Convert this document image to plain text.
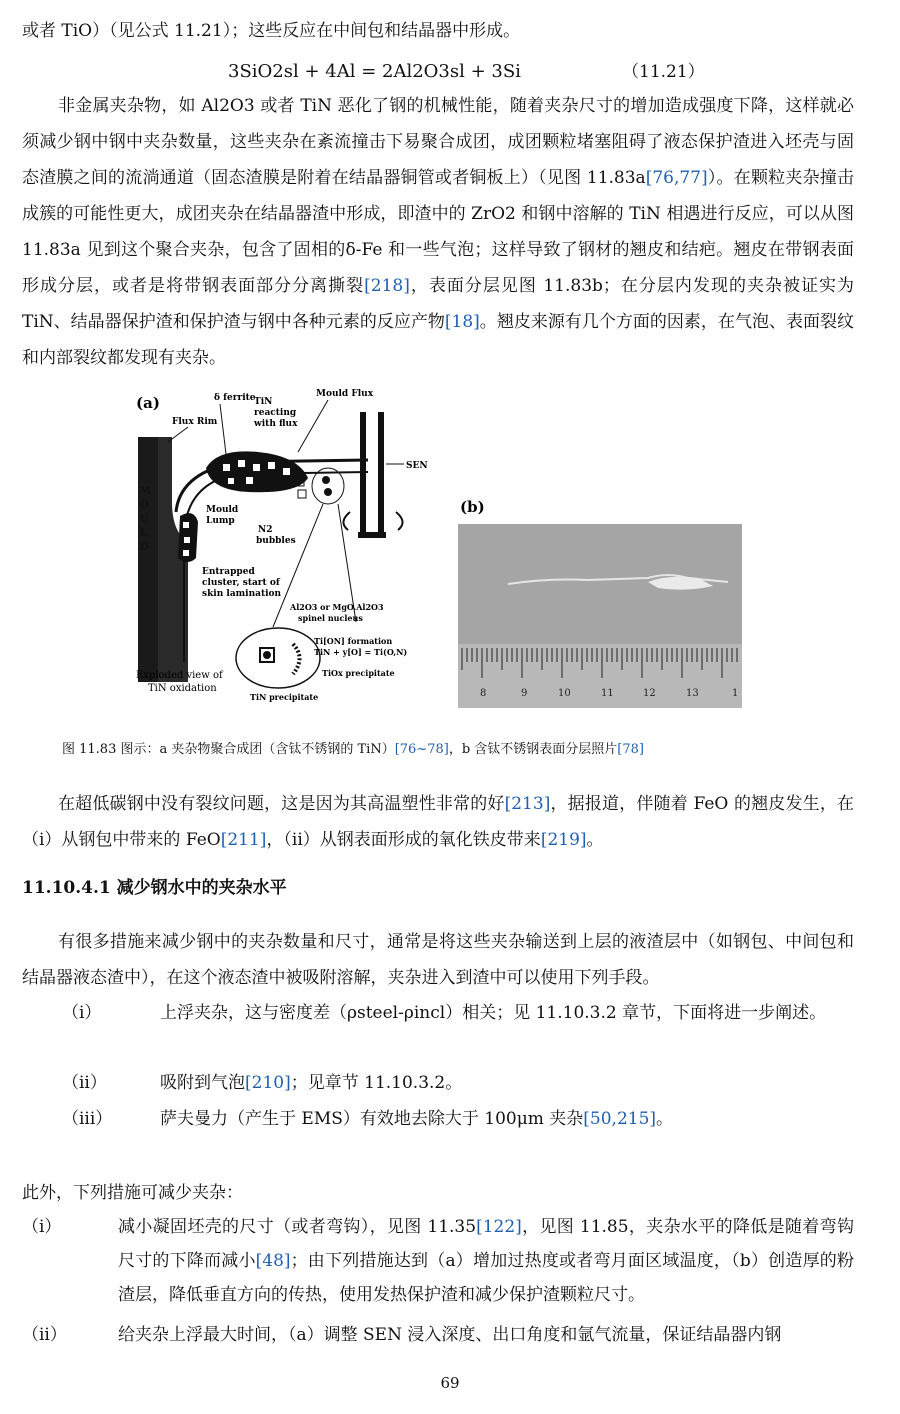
或者 TiO）（见公式 11.21）；这些反应在中间包和结晶器中形成。
3SiO2sl + 4Al = 2Al2O3sl + 3Si	（11.21）
非金属夹杂物，如 Al2O3 或者 TiN 恶化了钢的机械性能，随着夹杂尺寸的增加造成强度下降，这样就必须减少钢中钢中夹杂数量，这些夹杂在紊流撞击下易聚合成团，成团颗粒堵塞阻碍了液态保护渣进入坯壳与固态渣膜之间的流淌通道（固态渣膜是附着在结晶器铜管或者铜板上）（见图 11.83a[76,77]）。在颗粒夹杂撞击成簇的可能性更大，成团夹杂在结晶器渣中形成，即渣中的 ZrO2 和钢中溶解的 TiN 相遇进行反应，可以从图 11.83a 见到这个聚合夹杂，包含了固相的δ-Fe 和一些气泡；这样导致了钢材的翘皮和结疤。翘皮在带钢表面形成分层，或者是将带钢表面部分分离撕裂[218]，表面分层见图 11.83b；在分层内发现的夹杂被证实为 TiN、结晶器保护渣和保护渣与钢中各种元素的反应产物[18]。翘皮来源有几个方面的因素，在气泡、表面裂纹和内部裂纹都发现有夹杂。
(a)
M
O
U
L
D
Flux Rim
Mould
Lump
δ ferrite
TiN
reacting
with flux
Mould Flux
N2
bubbles
SEN
Entrapped
cluster, start of
skin lamination
Al2O3 or MgO.Al2O3
spinel nucleus
Ti[ON] formation
TiN + y[O] = Ti(O,N)
TiOx precipitate
TiN precipitate
Exploded view of
TiN oxidation
(b)
8	9	10	11	12	13	1
图 11.83 图示：a 夹杂物聚合成团（含钛不锈钢的 TiN）[76~78]，b 含钛不锈钢表面分层照片[78]
在超低碳钢中没有裂纹问题，这是因为其高温塑性非常的好[213]，据报道，伴随着 FeO 的翘皮发生，在（i）从钢包中带来的 FeO[211]，（ii）从钢表面形成的氧化铁皮带来[219]。
11.10.4.1 减少钢水中的夹杂水平
有很多措施来减少钢中的夹杂数量和尺寸，通常是将这些夹杂输送到上层的液渣层中（如钢包、中间包和结晶器液态渣中），在这个液态渣中被吸附溶解，夹杂进入到渣中可以使用下列手段。
（i）	上浮夹杂，这与密度差（ρsteel-ρincl）相关；见 11.10.3.2 章节，下面将进一步阐述。
（ii）	吸附到气泡[210]；见章节 11.10.3.2。
（iii）	萨夫曼力（产生于 EMS）有效地去除大于 100μm 夹杂[50,215]。
此外，下列措施可减少夹杂：
（i）	减小凝固坯壳的尺寸（或者弯钩），见图 11.35[122]，见图 11.85，夹杂水平的降低是随着弯钩尺寸的下降而减小[48]；由下列措施达到（a）增加过热度或者弯月面区域温度，（b）创造厚的粉渣层，降低垂直方向的传热，使用发热保护渣和减少保护渣颗粒尺寸。
（ii）	给夹杂上浮最大时间，（a）调整 SEN 浸入深度、出口角度和氩气流量，保证结晶器内钢
69
